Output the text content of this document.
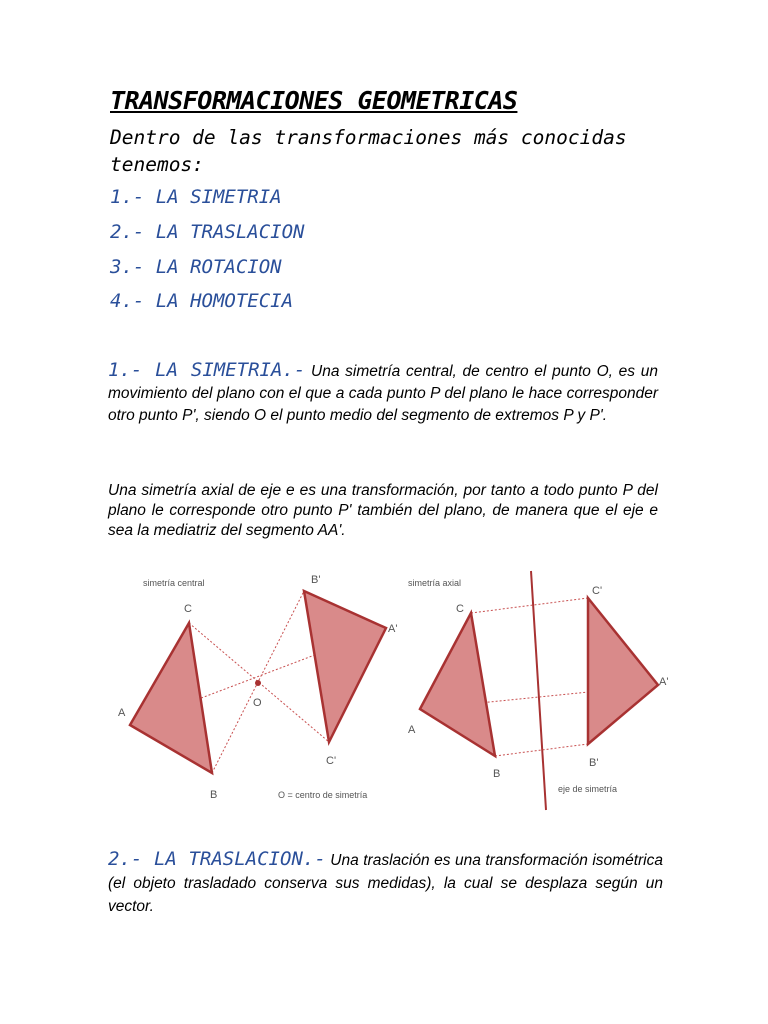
TRANSFORMACIONES GEOMETRICAS

Dentro de las transformaciones más conocidas tenemos:

1.- LA SIMETRIA

2.- LA TRASLACION

3.- LA ROTACION

4.- LA HOMOTECIA

1.- LA SIMETRIA.- Una simetría central, de centro el punto O, es un movimiento del plano con el que a cada punto P del plano le hace corresponder otro punto P', siendo O el punto medio del segmento de extremos P y P'.

Una simetría axial de eje e es una transformación, por tanto a todo punto P del plano le corresponde otro punto P' también del plano, de manera que el eje e sea la mediatriz del segmento AA'.

simetría central
A
C
B
O
B'
A'
C'
O = centro de simetría
simetría axial
A
C
B
C'
A'
B'
eje de simetría

2.- LA TRASLACION.- Una traslación es una transformación isométrica (el objeto trasladado conserva sus medidas), la cual se desplaza según un vector.
